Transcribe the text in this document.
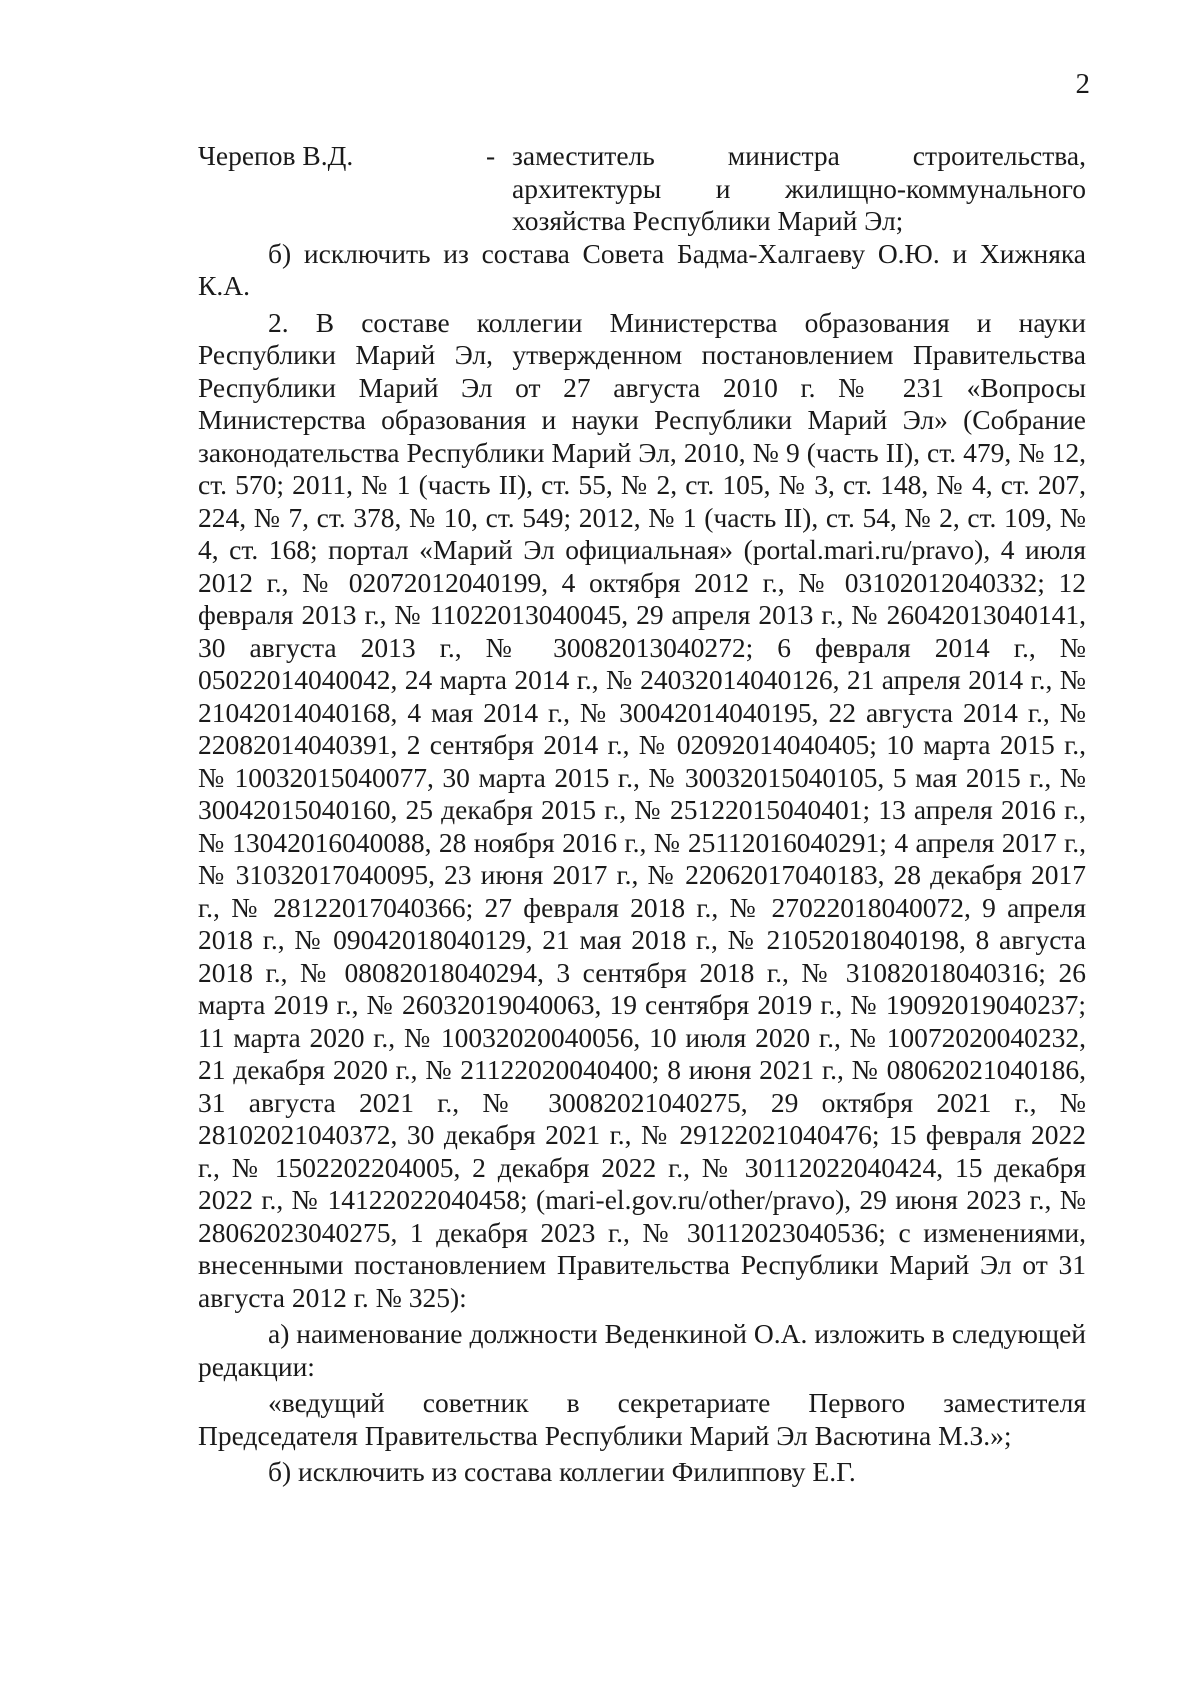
2
Черепов В.Д.	- заместитель министра строительства, архитектуры и жилищно-коммунального хозяйства Республики Марий Эл;

б) исключить из состава Совета Бадма-Халгаеву О.Ю. и Хижняка К.А.

2. В составе коллегии Министерства образования и науки Республики Марий Эл, утвержденном постановлением Правительства Республики Марий Эл от 27 августа 2010 г. № 231 «Вопросы Министерства образования и науки Республики Марий Эл» (Собрание законодательства Республики Марий Эл, 2010, № 9 (часть II), ст. 479, № 12, ст. 570; 2011, № 1 (часть II), ст. 55, № 2, ст. 105, № 3, ст. 148, № 4, ст. 207, 224, № 7, ст. 378, № 10, ст. 549; 2012, № 1 (часть II), ст. 54, № 2, ст. 109, № 4, ст. 168; портал «Марий Эл официальная» (portal.mari.ru/pravo), 4 июля 2012 г., № 02072012040199, 4 октября 2012 г., № 03102012040332; 12 февраля 2013 г., № 11022013040045, 29 апреля 2013 г., № 26042013040141, 30 августа 2013 г., № 30082013040272; 6 февраля 2014 г., № 05022014040042, 24 марта 2014 г., № 24032014040126, 21 апреля 2014 г., № 21042014040168, 4 мая 2014 г., № 30042014040195, 22 августа 2014 г., № 22082014040391, 2 сентября 2014 г., № 02092014040405; 10 марта 2015 г., № 10032015040077, 30 марта 2015 г., № 30032015040105, 5 мая 2015 г., № 30042015040160, 25 декабря 2015 г., № 25122015040401; 13 апреля 2016 г., № 13042016040088, 28 ноября 2016 г., № 25112016040291; 4 апреля 2017 г., № 31032017040095, 23 июня 2017 г., № 22062017040183, 28 декабря 2017 г., № 28122017040366; 27 февраля 2018 г., № 27022018040072, 9 апреля 2018 г., № 09042018040129, 21 мая 2018 г., № 21052018040198, 8 августа 2018 г., № 08082018040294, 3 сентября 2018 г., № 31082018040316; 26 марта 2019 г., № 26032019040063, 19 сентября 2019 г., № 19092019040237; 11 марта 2020 г., № 10032020040056, 10 июля 2020 г., № 10072020040232, 21 декабря 2020 г., № 21122020040400; 8 июня 2021 г., № 08062021040186, 31 августа 2021 г., № 30082021040275, 29 октября 2021 г., № 28102021040372, 30 декабря 2021 г., № 29122021040476; 15 февраля 2022 г., № 1502202204005, 2 декабря 2022 г., № 30112022040424, 15 декабря 2022 г., № 14122022040458; (mari-el.gov.ru/other/pravo), 29 июня 2023 г., № 28062023040275, 1 декабря 2023 г., № 30112023040536; с изменениями, внесенными постановлением Правительства Республики Марий Эл от 31 августа 2012 г. № 325):

а) наименование должности Веденкиной О.А. изложить в следующей редакции:

«ведущий советник в секретариате Первого заместителя Председателя Правительства Республики Марий Эл Васютина М.З.»;

б) исключить из состава коллегии Филиппову Е.Г.
